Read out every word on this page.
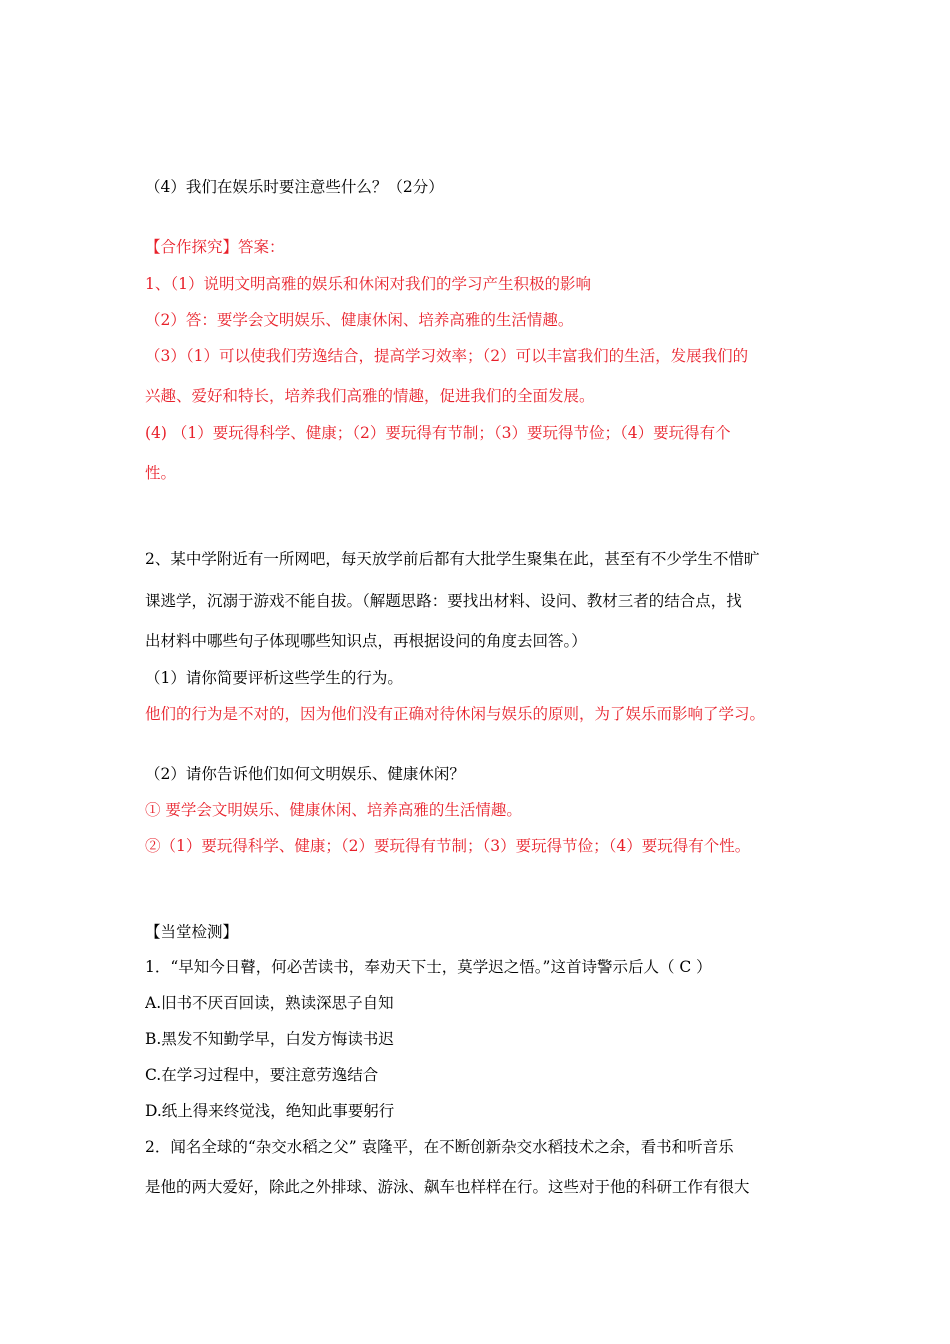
（4）我们在娱乐时要注意些什么？（2分）
【合作探究】答案：
1、（1）说明文明高雅的娱乐和休闲对我们的学习产生积极的影响
（2）答：要学会文明娱乐、健康休闲、培养高雅的生活情趣。
（3）（1）可以使我们劳逸结合，提高学习效率；（2）可以丰富我们的生活，发展我们的
兴趣、爱好和特长，培养我们高雅的情趣，促进我们的全面发展。
(4) （1）要玩得科学、健康；（2）要玩得有节制；（3）要玩得节俭；（4）要玩得有个
性。
2、某中学附近有一所网吧，每天放学前后都有大批学生聚集在此，甚至有不少学生不惜旷
课逃学，沉溺于游戏不能自拔。（解题思路：要找出材料、设问、教材三者的结合点，找
出材料中哪些句子体现哪些知识点，再根据设问的角度去回答。）
（1）请你简要评析这些学生的行为。
他们的行为是不对的，因为他们没有正确对待休闲与娱乐的原则，为了娱乐而影响了学习。
（2）请你告诉他们如何文明娱乐、健康休闲？
① 要学会文明娱乐、健康休闲、培养高雅的生活情趣。
②（1）要玩得科学、健康；（2）要玩得有节制；（3）要玩得节俭；（4）要玩得有个性。
【当堂检测】
1．“早知今日瞽，何必苦读书，奉劝天下士，莫学迟之悟。”这首诗警示后人（ C ）
A.旧书不厌百回读，熟读深思子自知
B.黑发不知勤学早，白发方悔读书迟
C.在学习过程中，要注意劳逸结合
D.纸上得来终觉浅，绝知此事要躬行
2．闻名全球的“杂交水稻之父” 袁隆平，在不断创新杂交水稻技术之余，看书和听音乐
是他的两大爱好，除此之外排球、游泳、飙车也样样在行。这些对于他的科研工作有很大
